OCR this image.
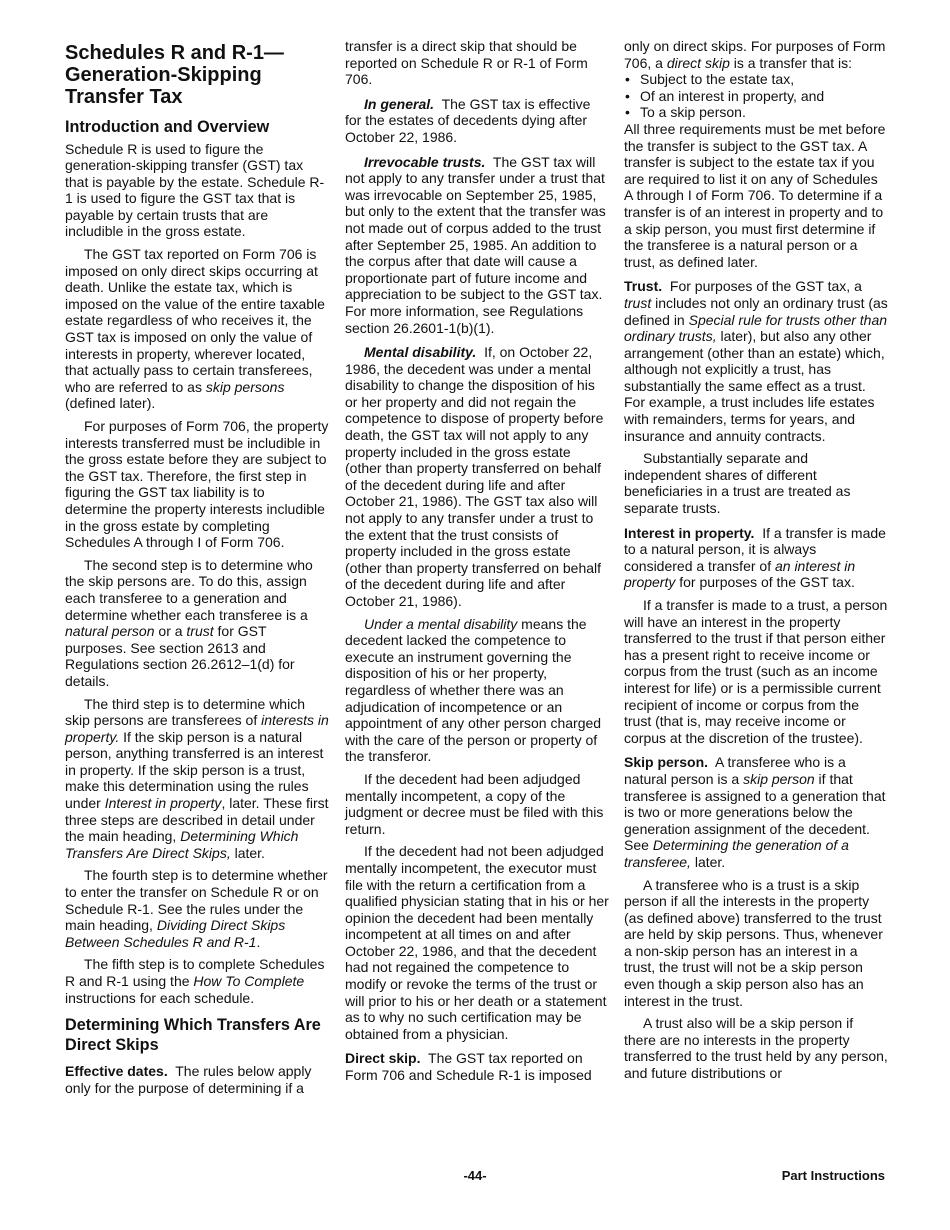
Schedules R and R-1—Generation-Skipping Transfer Tax
Introduction and Overview

Schedule R is used to figure the generation-skipping transfer (GST) tax that is payable by the estate. Schedule R-1 is used to figure the GST tax that is payable by certain trusts that are includible in the gross estate.

The GST tax reported on Form 706 is imposed on only direct skips occurring at death. Unlike the estate tax, which is imposed on the value of the entire taxable estate regardless of who receives it, the GST tax is imposed on only the value of interests in property, wherever located, that actually pass to certain transferees, who are referred to as skip persons (defined later).

For purposes of Form 706, the property interests transferred must be includible in the gross estate before they are subject to the GST tax. Therefore, the first step in figuring the GST tax liability is to determine the property interests includible in the gross estate by completing Schedules A through I of Form 706.

The second step is to determine who the skip persons are. To do this, assign each transferee to a generation and determine whether each transferee is a natural person or a trust for GST purposes. See section 2613 and Regulations section 26.2612–1(d) for details.

The third step is to determine which skip persons are transferees of interests in property. If the skip person is a natural person, anything transferred is an interest in property. If the skip person is a trust, make this determination using the rules under Interest in property, later. These first three steps are described in detail under the main heading, Determining Which Transfers Are Direct Skips, later.

The fourth step is to determine whether to enter the transfer on Schedule R or on Schedule R-1. See the rules under the main heading, Dividing Direct Skips Between Schedules R and R-1.

The fifth step is to complete Schedules R and R-1 using the How To Complete instructions for each schedule.

Determining Which Transfers Are Direct Skips

Effective dates. The rules below apply only for the purpose of determining if a

transfer is a direct skip that should be reported on Schedule R or R-1 of Form 706.

In general. The GST tax is effective for the estates of decedents dying after October 22, 1986.

Irrevocable trusts. The GST tax will not apply to any transfer under a trust that was irrevocable on September 25, 1985, but only to the extent that the transfer was not made out of corpus added to the trust after September 25, 1985. An addition to the corpus after that date will cause a proportionate part of future income and appreciation to be subject to the GST tax. For more information, see Regulations section 26.2601-1(b)(1).

Mental disability. If, on October 22, 1986, the decedent was under a mental disability to change the disposition of his or her property and did not regain the competence to dispose of property before death, the GST tax will not apply to any property included in the gross estate (other than property transferred on behalf of the decedent during life and after October 21, 1986). The GST tax also will not apply to any transfer under a trust to the extent that the trust consists of property included in the gross estate (other than property transferred on behalf of the decedent during life and after October 21, 1986).

Under a mental disability means the decedent lacked the competence to execute an instrument governing the disposition of his or her property, regardless of whether there was an adjudication of incompetence or an appointment of any other person charged with the care of the person or property of the transferor.

If the decedent had been adjudged mentally incompetent, a copy of the judgment or decree must be filed with this return.

If the decedent had not been adjudged mentally incompetent, the executor must file with the return a certification from a qualified physician stating that in his or her opinion the decedent had been mentally incompetent at all times on and after October 22, 1986, and that the decedent had not regained the competence to modify or revoke the terms of the trust or will prior to his or her death or a statement as to why no such certification may be obtained from a physician.

Direct skip. The GST tax reported on Form 706 and Schedule R-1 is imposed

only on direct skips. For purposes of Form 706, a direct skip is a transfer that is:

• Subject to the estate tax,
• Of an interest in property, and
• To a skip person.

All three requirements must be met before the transfer is subject to the GST tax. A transfer is subject to the estate tax if you are required to list it on any of Schedules A through I of Form 706. To determine if a transfer is of an interest in property and to a skip person, you must first determine if the transferee is a natural person or a trust, as defined later.

Trust. For purposes of the GST tax, a trust includes not only an ordinary trust (as defined in Special rule for trusts other than ordinary trusts, later), but also any other arrangement (other than an estate) which, although not explicitly a trust, has substantially the same effect as a trust. For example, a trust includes life estates with remainders, terms for years, and insurance and annuity contracts.

Substantially separate and independent shares of different beneficiaries in a trust are treated as separate trusts.

Interest in property. If a transfer is made to a natural person, it is always considered a transfer of an interest in property for purposes of the GST tax.

If a transfer is made to a trust, a person will have an interest in the property transferred to the trust if that person either has a present right to receive income or corpus from the trust (such as an income interest for life) or is a permissible current recipient of income or corpus from the trust (that is, may receive income or corpus at the discretion of the trustee).

Skip person. A transferee who is a natural person is a skip person if that transferee is assigned to a generation that is two or more generations below the generation assignment of the decedent. See Determining the generation of a transferee, later.

A transferee who is a trust is a skip person if all the interests in the property (as defined above) transferred to the trust are held by skip persons. Thus, whenever a non-skip person has an interest in a trust, the trust will not be a skip person even though a skip person also has an interest in the trust.

A trust also will be a skip person if there are no interests in the property transferred to the trust held by any person, and future distributions or

-44-	Part Instructions
